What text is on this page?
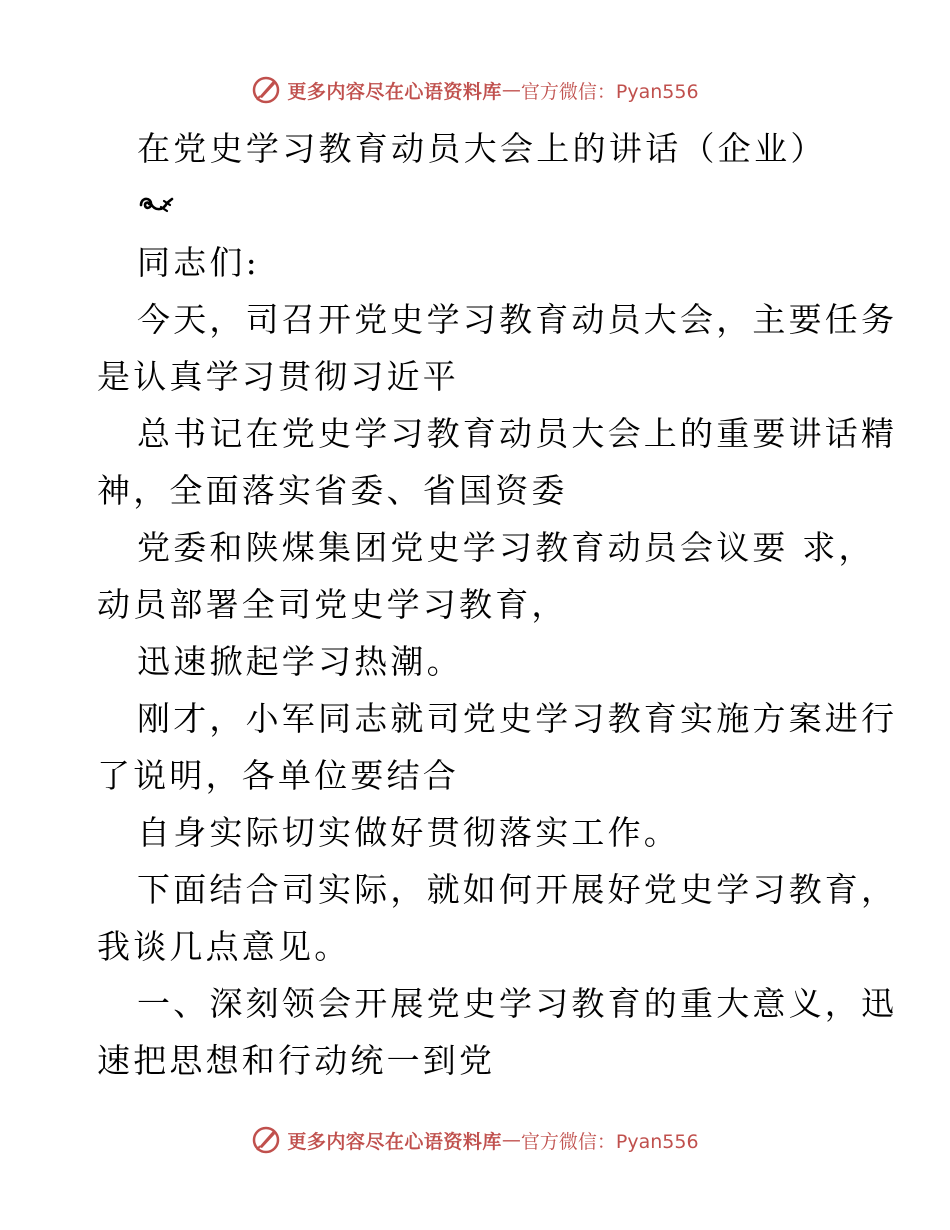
更多内容尽在心语资料库 — 官方微信：Pyan556
在党史学习教育动员大会上的讲话（企业）
同志们:
今天，司召开党史学习教育动员大会，主要任务
是认真学习贯彻习近平
总书记在党史学习教育动员大会上的重要讲话精
神，全面落实省委、省国资委
党委和陕煤集团党史学习教育动员会议要 求，
动员部署全司党史学习教育，
迅速掀起学习热潮。
刚才，小军同志就司党史学习教育实施方案进行
了说明，各单位要结合
自身实际切实做好贯彻落实工作。
下面结合司实际，就如何开展好党史学习教育，
我谈几点意见。
一、深刻领会开展党史学习教育的重大意义，迅
速把思想和行动统一到党
更多内容尽在心语资料库 — 官方微信：Pyan556
